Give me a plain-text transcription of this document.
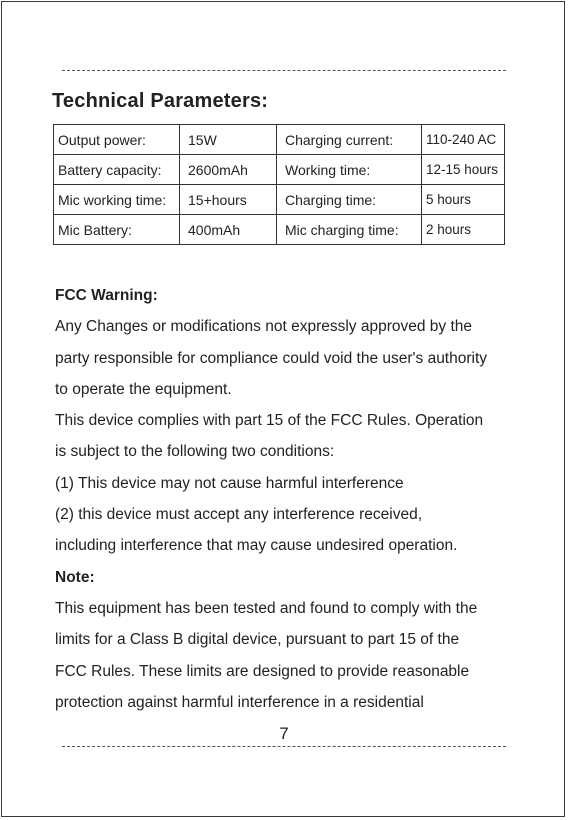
Technical Parameters:
Output power:	15W	Charging current:	110-240 AC
Battery capacity:	2600mAh	Working time:	12-15 hours
Mic working time:	15+hours	Charging time:	5 hours
Mic Battery:	400mAh	Mic charging time:	2 hours
FCC Warning:
Any Changes or modifications not expressly approved by the
party responsible for compliance could void the user's authority
to operate the equipment.
This device complies with part 15 of the FCC Rules. Operation
is subject to the following two conditions:
(1) This device may not cause harmful interference
(2) this device must accept any interference received,
including interference that may cause undesired operation.
Note:
This equipment has been tested and found to comply with the
limits for a Class B digital device, pursuant to part 15 of the
FCC Rules. These limits are designed to provide reasonable
protection against harmful interference in a residential
7
